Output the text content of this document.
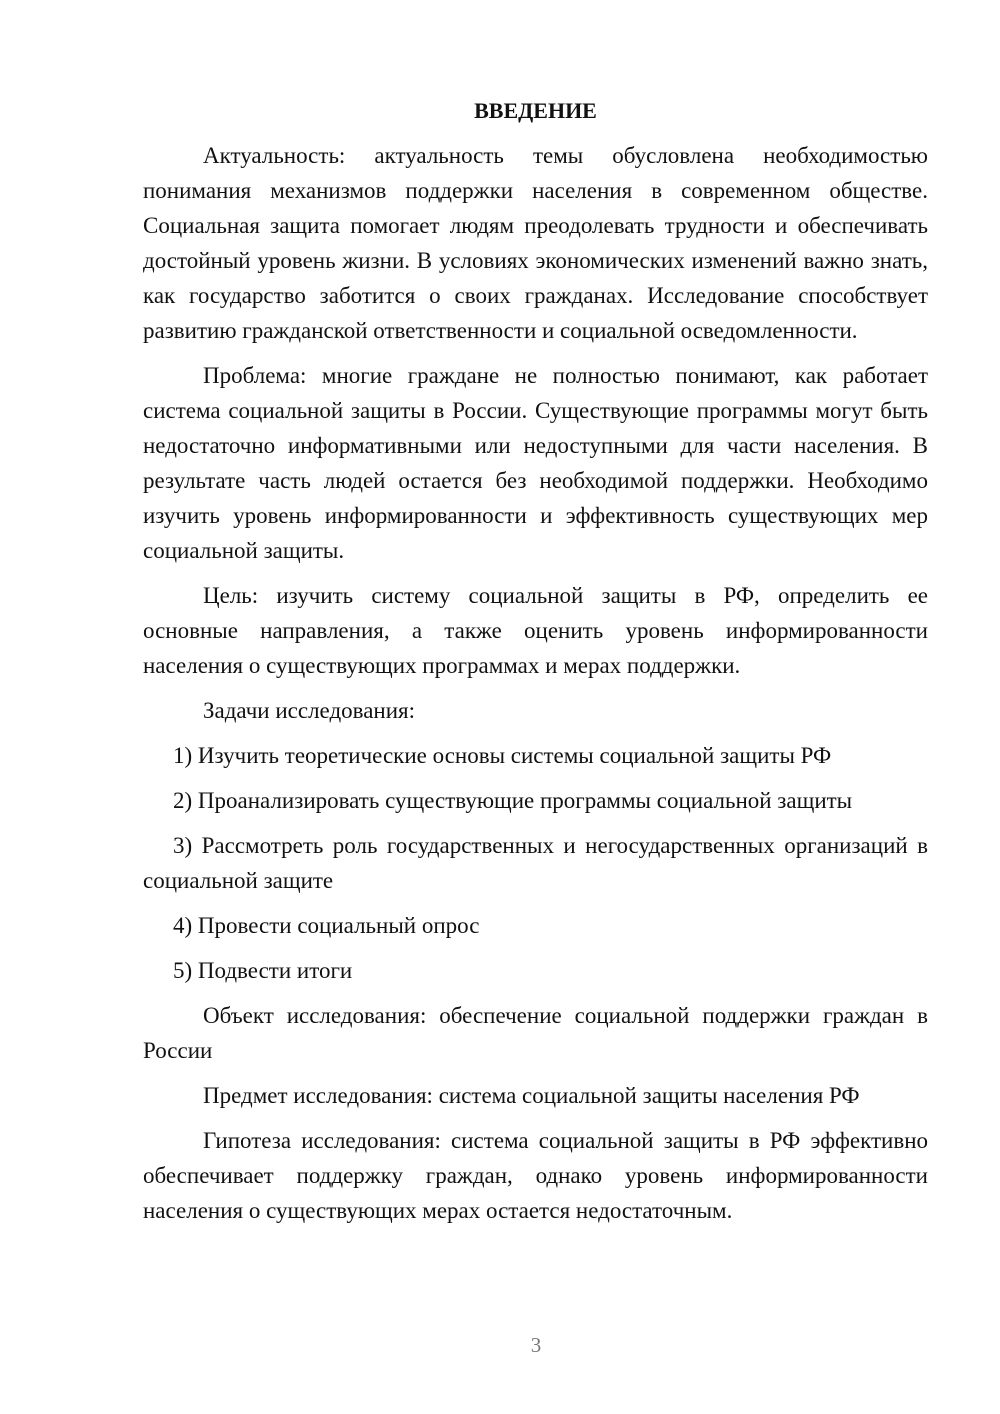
ВВЕДЕНИЕ

Актуальность: актуальность темы обусловлена необходимостью понимания механизмов поддержки населения в современном обществе. Социальная защита помогает людям преодолевать трудности и обеспечивать достойный уровень жизни. В условиях экономических изменений важно знать, как государство заботится о своих гражданах. Исследование способствует развитию гражданской ответственности и социальной осведомленности.

Проблема: многие граждане не полностью понимают, как работает система социальной защиты в России. Существующие программы могут быть недостаточно информативными или недоступными для части населения. В результате часть людей остается без необходимой поддержки. Необходимо изучить уровень информированности и эффективность существующих мер социальной защиты.

Цель: изучить систему социальной защиты в РФ, определить ее основные направления, а также оценить уровень информированности населения о существующих программах и мерах поддержки.

Задачи исследования:

1) Изучить теоретические основы системы социальной защиты РФ

2) Проанализировать существующие программы социальной защиты

3) Рассмотреть роль государственных и негосударственных организаций в социальной защите

4) Провести социальный опрос

5) Подвести итоги

Объект исследования: обеспечение социальной поддержки граждан в России

Предмет исследования: система социальной защиты населения РФ

Гипотеза исследования: система социальной защиты в РФ эффективно обеспечивает поддержку граждан, однако уровень информированности населения о существующих мерах остается недостаточным.

3
